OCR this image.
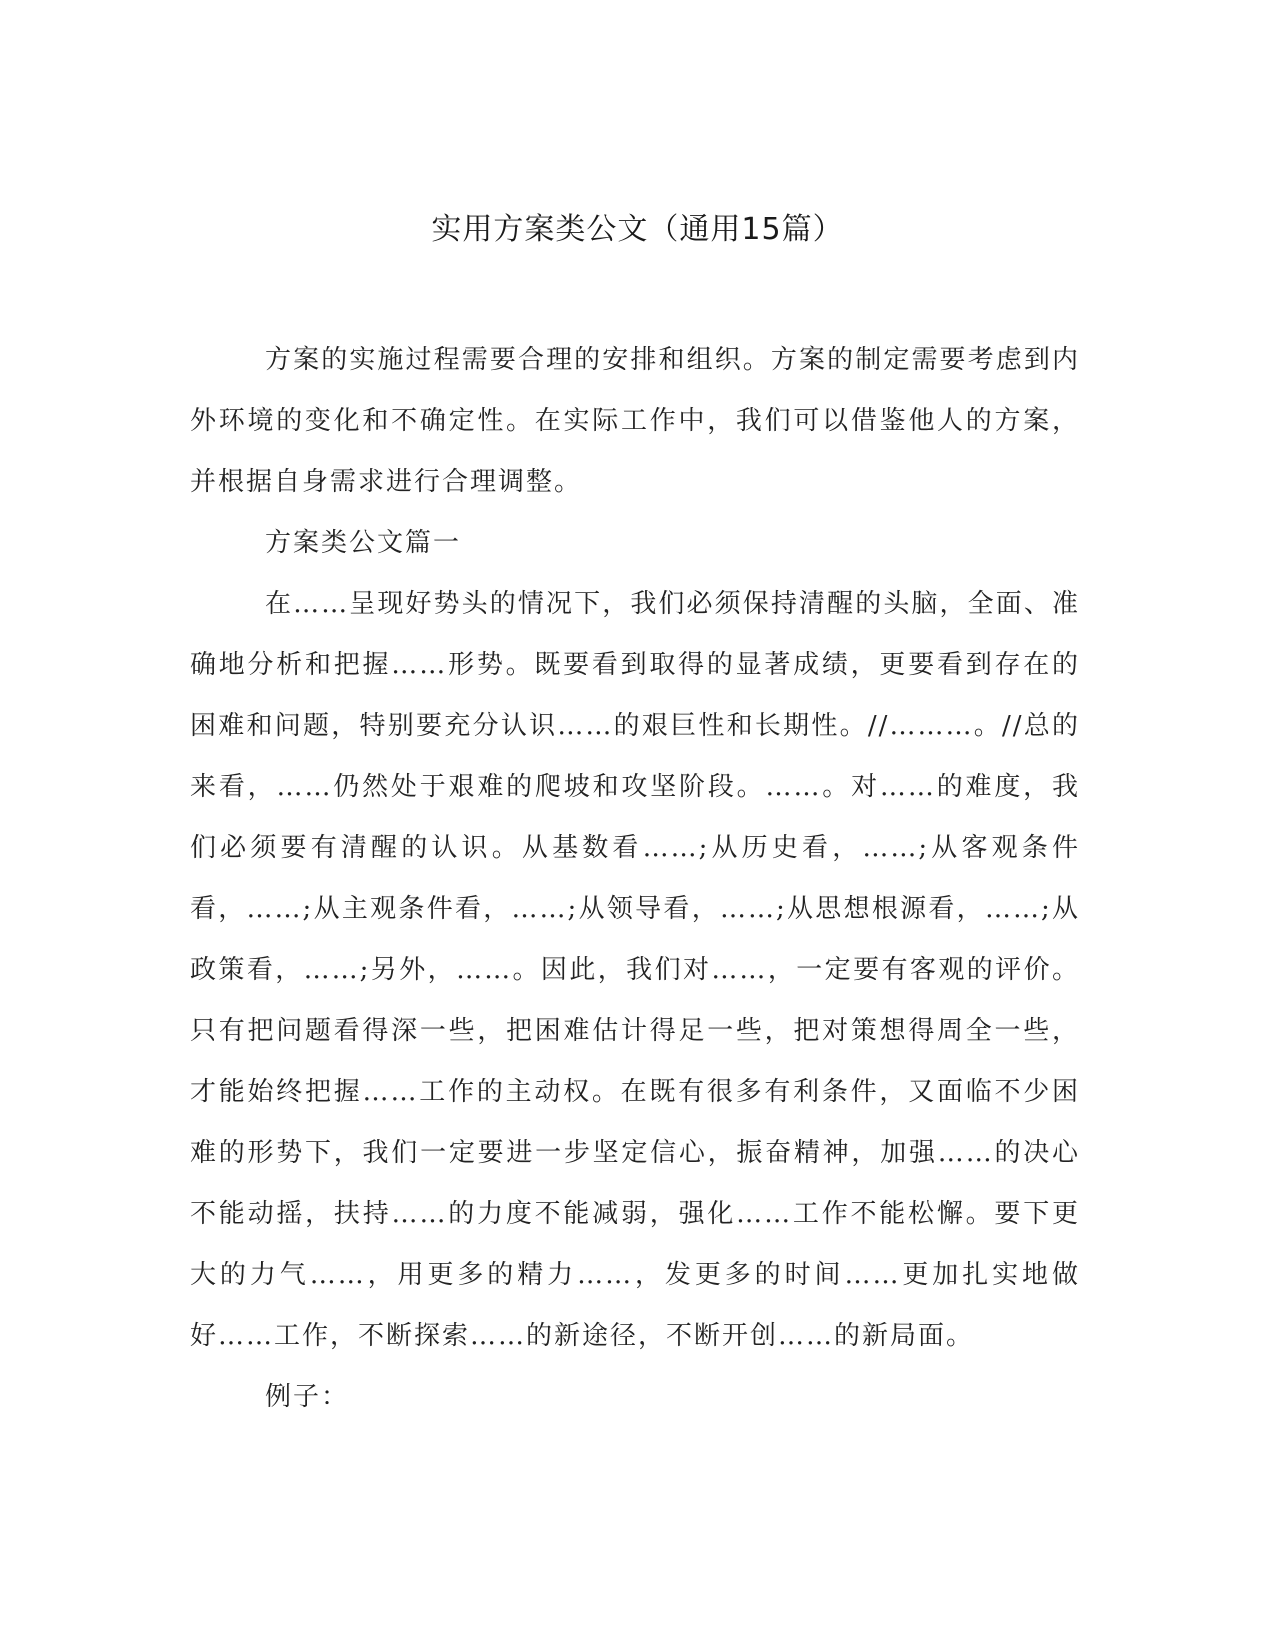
实用方案类公文（通用15篇）

方案的实施过程需要合理的安排和组织。方案的制定需要考虑到内外环境的变化和不确定性。在实际工作中，我们可以借鉴他人的方案，并根据自身需求进行合理调整。

方案类公文篇一

在……呈现好势头的情况下，我们必须保持清醒的头脑，全面、准确地分析和把握……形势。既要看到取得的显著成绩，更要看到存在的困难和问题，特别要充分认识……的艰巨性和长期性。//………。//总的来看，……仍然处于艰难的爬坡和攻坚阶段。……。对……的难度，我们必须要有清醒的认识。从基数看……;从历史看，……;从客观条件看，……;从主观条件看，……;从领导看，……;从思想根源看，……;从政策看，……;另外，……。因此，我们对……，一定要有客观的评价。只有把问题看得深一些，把困难估计得足一些，把对策想得周全一些，才能始终把握……工作的主动权。在既有很多有利条件，又面临不少困难的形势下，我们一定要进一步坚定信心，振奋精神，加强……的决心不能动摇，扶持……的力度不能减弱，强化……工作不能松懈。要下更大的力气……，用更多的精力……，发更多的时间……更加扎实地做好……工作，不断探索……的新途径，不断开创……的新局面。

例子：
